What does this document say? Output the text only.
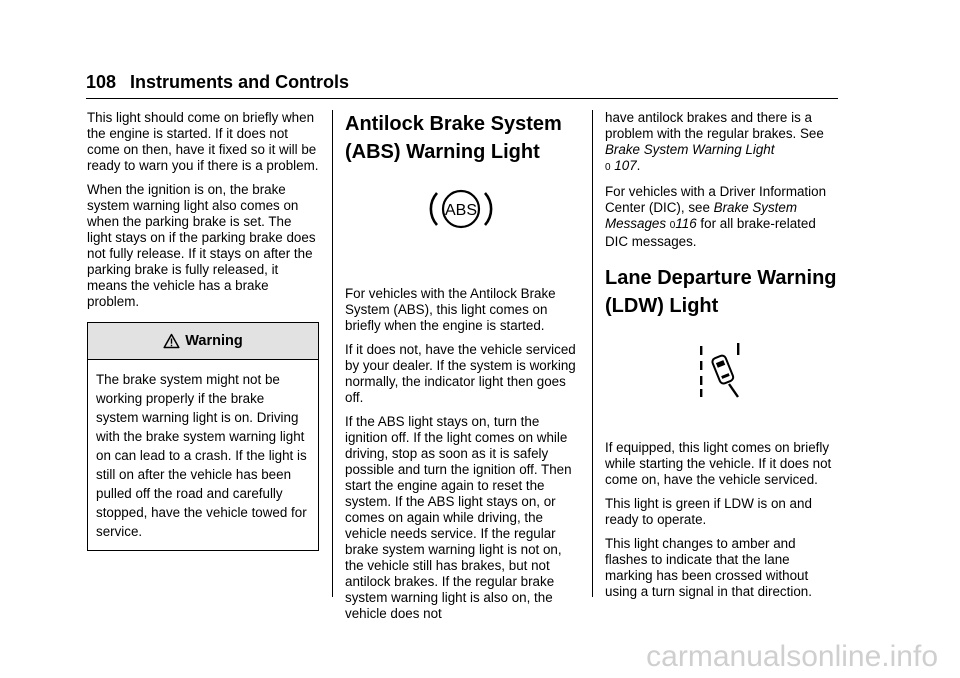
108 Instruments and Controls

This light should come on briefly when the engine is started. If it does not come on then, have it fixed so it will be ready to warn you if there is a problem.

When the ignition is on, the brake system warning light also comes on when the parking brake is set. The light stays on if the parking brake does not fully release. If it stays on after the parking brake is fully released, it means the vehicle has a brake problem.

Warning
The brake system might not be working properly if the brake system warning light is on. Driving with the brake system warning light on can lead to a crash. If the light is still on after the vehicle has been pulled off the road and carefully stopped, have the vehicle towed for service.
Antilock Brake System (ABS) Warning Light
ABS

For vehicles with the Antilock Brake System (ABS), this light comes on briefly when the engine is started.

If it does not, have the vehicle serviced by your dealer. If the system is working normally, the indicator light then goes off.

If the ABS light stays on, turn the ignition off. If the light comes on while driving, stop as soon as it is safely possible and turn the ignition off. Then start the engine again to reset the system. If the ABS light stays on, or comes on again while driving, the vehicle needs service. If the regular brake system warning light is not on, the vehicle still has brakes, but not antilock brakes. If the regular brake system warning light is also on, the vehicle does not

have antilock brakes and there is a problem with the regular brakes. See Brake System Warning Light
0 107.

For vehicles with a Driver Information Center (DIC), see Brake System Messages 0116 for all brake-related DIC messages.

Lane Departure Warning (LDW) Light

If equipped, this light comes on briefly while starting the vehicle. If it does not come on, have the vehicle serviced.

This light is green if LDW is on and ready to operate.

This light changes to amber and flashes to indicate that the lane marking has been crossed without using a turn signal in that direction.

carmanualsonline.info
